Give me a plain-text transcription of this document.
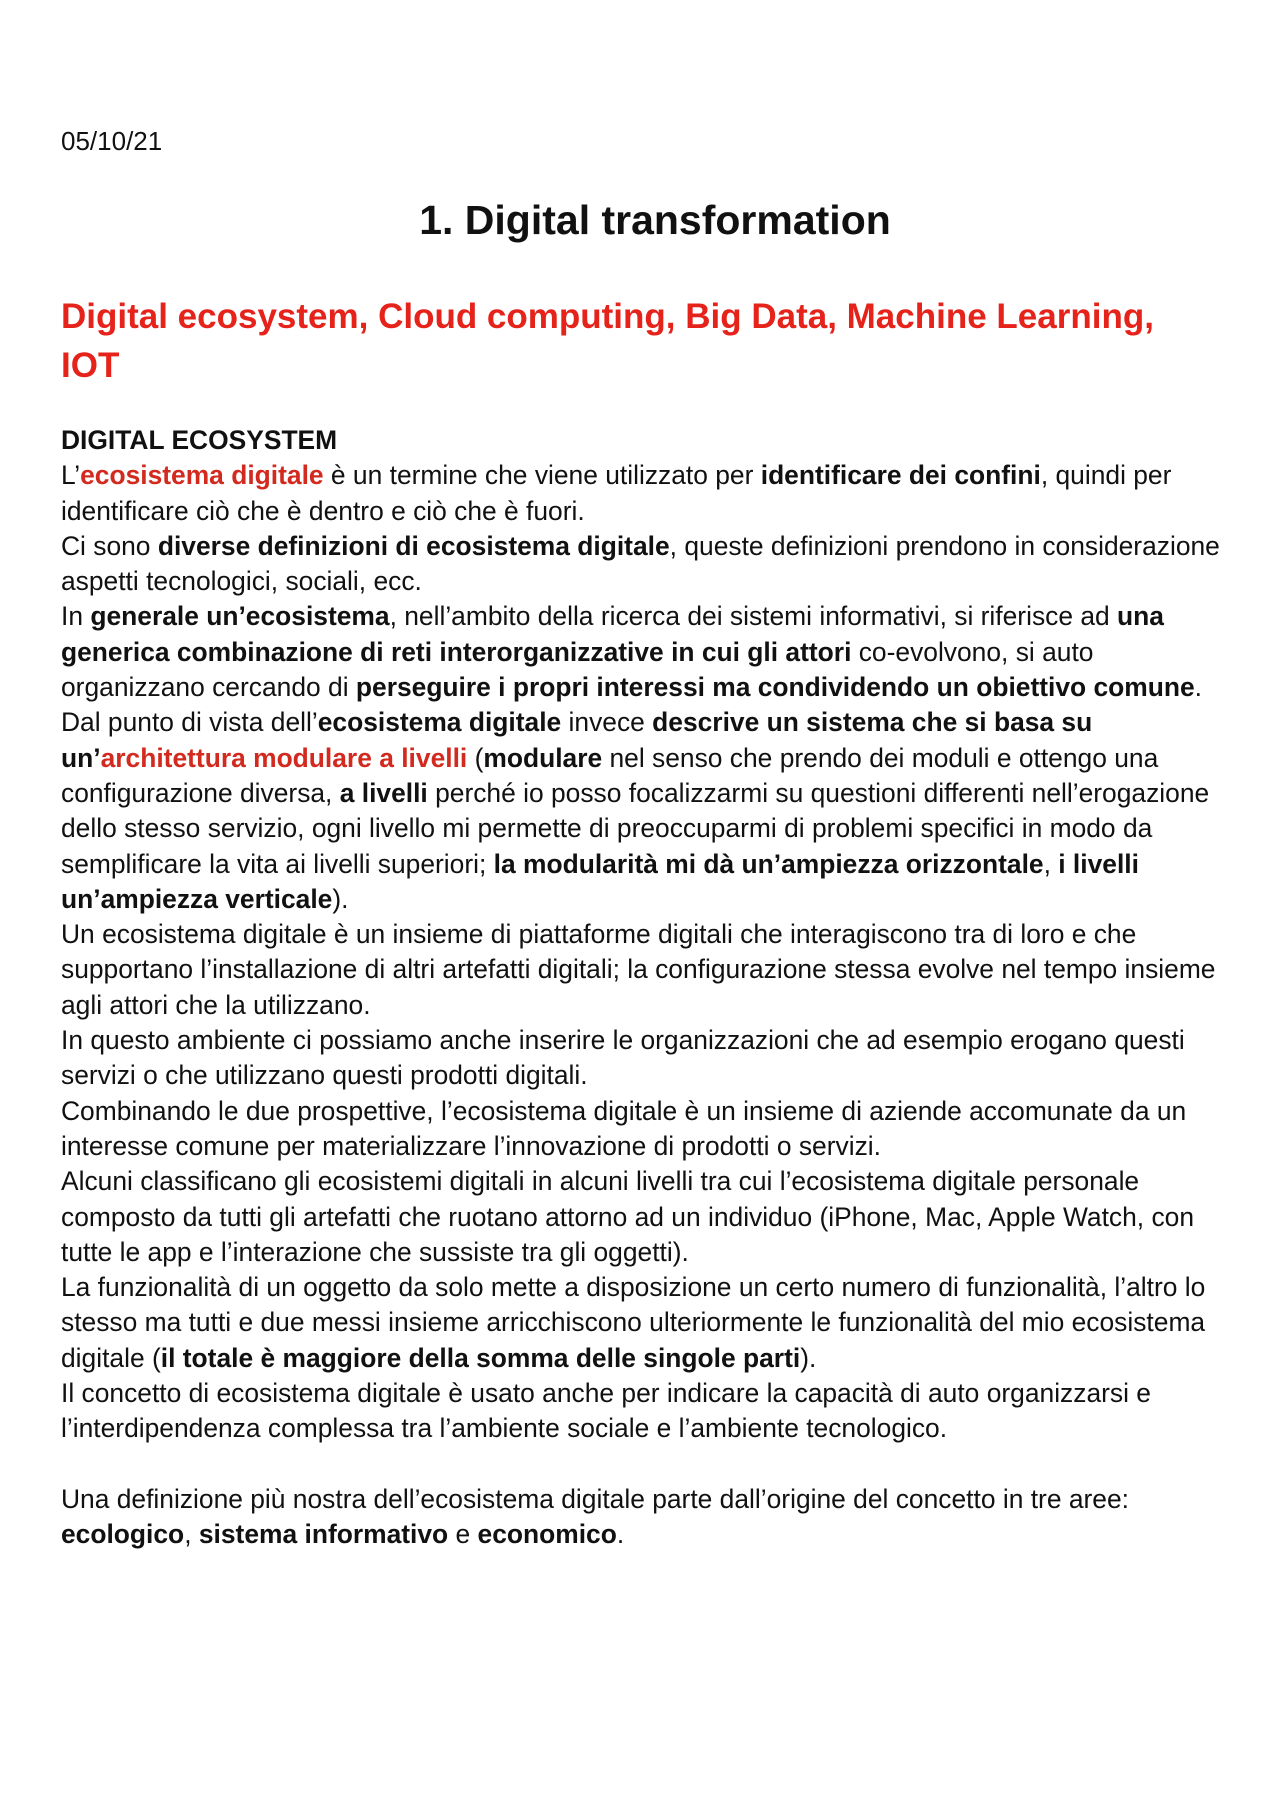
05/10/21
1. Digital transformation
Digital ecosystem, Cloud computing, Big Data, Machine Learning, IOT
DIGITAL ECOSYSTEM
L’ecosistema digitale è un termine che viene utilizzato per identificare dei confini, quindi per identificare ciò che è dentro e ciò che è fuori.
Ci sono diverse definizioni di ecosistema digitale, queste definizioni prendono in considerazione aspetti tecnologici, sociali, ecc.
In generale un’ecosistema, nell’ambito della ricerca dei sistemi informativi, si riferisce ad una generica combinazione di reti interorganizzative in cui gli attori co-evolvono, si auto organizzano cercando di perseguire i propri interessi ma condividendo un obiettivo comune.
Dal punto di vista dell’ecosistema digitale invece descrive un sistema che si basa su un’architettura modulare a livelli (modulare nel senso che prendo dei moduli e ottengo una configurazione diversa, a livelli perché io posso focalizzarmi su questioni differenti nell’erogazione dello stesso servizio, ogni livello mi permette di preoccuparmi di problemi specifici in modo da semplificare la vita ai livelli superiori; la modularità mi dà un’ampiezza orizzontale, i livelli un’ampiezza verticale).
Un ecosistema digitale è un insieme di piattaforme digitali che interagiscono tra di loro e che supportano l’installazione di altri artefatti digitali; la configurazione stessa evolve nel tempo insieme agli attori che la utilizzano.
In questo ambiente ci possiamo anche inserire le organizzazioni che ad esempio erogano questi servizi o che utilizzano questi prodotti digitali.
Combinando le due prospettive, l’ecosistema digitale è un insieme di aziende accomunate da un interesse comune per materializzare l’innovazione di prodotti o servizi.
Alcuni classificano gli ecosistemi digitali in alcuni livelli tra cui l’ecosistema digitale personale composto da tutti gli artefatti che ruotano attorno ad un individuo (iPhone, Mac, Apple Watch, con tutte le app e l’interazione che sussiste tra gli oggetti).
La funzionalità di un oggetto da solo mette a disposizione un certo numero di funzionalità, l’altro lo stesso ma tutti e due messi insieme arricchiscono ulteriormente le funzionalità del mio ecosistema digitale (il totale è maggiore della somma delle singole parti).
Il concetto di ecosistema digitale è usato anche per indicare la capacità di auto organizzarsi e l’interdipendenza complessa tra l’ambiente sociale e l’ambiente tecnologico.
Una definizione più nostra dell’ecosistema digitale parte dall’origine del concetto in tre aree: ecologico, sistema informativo e economico.
